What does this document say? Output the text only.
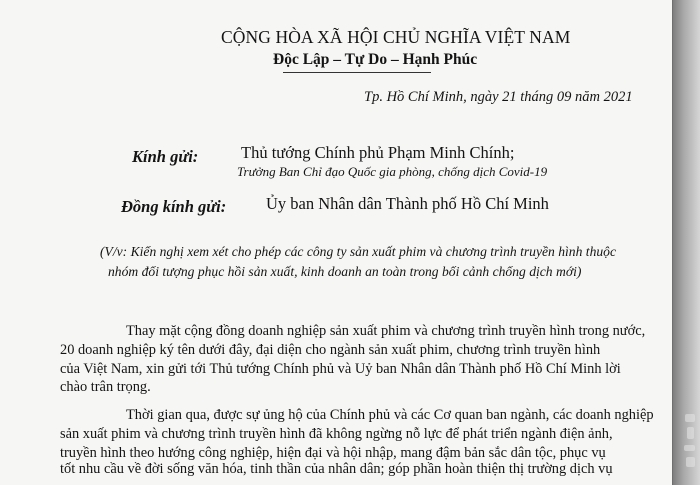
CỘNG HÒA XÃ HỘI CHỦ NGHĨA VIỆT NAM
Độc Lập – Tự Do – Hạnh Phúc
Tp. Hồ Chí Minh, ngày 21 tháng 09 năm 2021
Kính gửi:	Thủ tướng Chính phủ Phạm Minh Chính;
Trưởng Ban Chỉ đạo Quốc gia phòng, chống dịch Covid-19
Đồng kính gửi: Ủy ban Nhân dân Thành phố Hồ Chí Minh
(V/v: Kiến nghị xem xét cho phép các công ty sản xuất phim và chương trình truyền hình thuộc
nhóm đối tượng phục hồi sản xuất, kinh doanh an toàn trong bối cảnh chống dịch mới)
Thay mặt cộng đồng doanh nghiệp sản xuất phim và chương trình truyền hình trong nước,
20 doanh nghiệp ký tên dưới đây, đại diện cho ngành sản xuất phim, chương trình truyền hình
của Việt Nam, xin gửi tới Thủ tướng Chính phủ và Uỷ ban Nhân dân Thành phố Hồ Chí Minh lời
chào trân trọng.
Thời gian qua, được sự ủng hộ của Chính phủ và các Cơ quan ban ngành, các doanh nghiệp
sản xuất phim và chương trình truyền hình đã không ngừng nỗ lực để phát triển ngành điện ảnh,
truyền hình theo hướng công nghiệp, hiện đại và hội nhập, mang đậm bản sắc dân tộc, phục vụ
tốt nhu cầu về đời sống văn hóa, tinh thần của nhân dân; góp phần hoàn thiện thị trường dịch vụ
